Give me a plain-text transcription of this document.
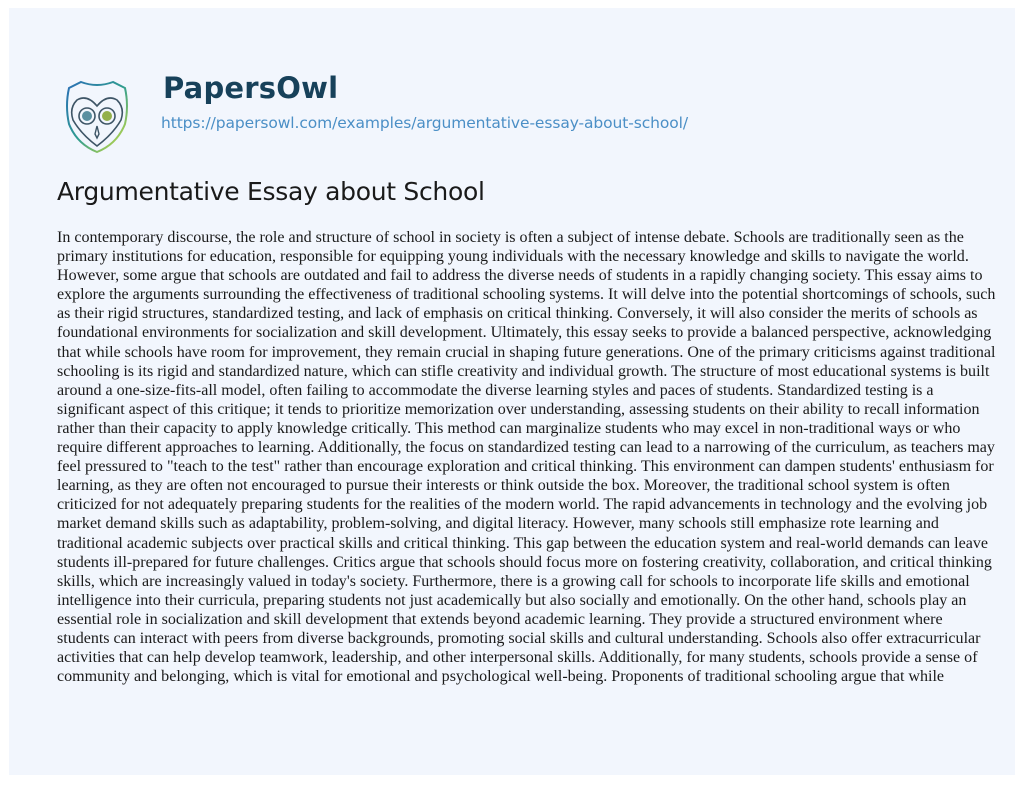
PapersOwl
https://papersowl.com/examples/argumentative-essay-about-school/
Argumentative Essay about School

In contemporary discourse, the role and structure of school in society is often a subject of intense debate. Schools are traditionally seen as the primary institutions for education, responsible for equipping young individuals with the necessary knowledge and skills to navigate the world. However, some argue that schools are outdated and fail to address the diverse needs of students in a rapidly changing society. This essay aims to explore the arguments surrounding the effectiveness of traditional schooling systems. It will delve into the potential shortcomings of schools, such as their rigid structures, standardized testing, and lack of emphasis on critical thinking. Conversely, it will also consider the merits of schools as foundational environments for socialization and skill development. Ultimately, this essay seeks to provide a balanced perspective, acknowledging that while schools have room for improvement, they remain crucial in shaping future generations. One of the primary criticisms against traditional schooling is its rigid and standardized nature, which can stifle creativity and individual growth. The structure of most educational systems is built around a one-size-fits-all model, often failing to accommodate the diverse learning styles and paces of students. Standardized testing is a significant aspect of this critique; it tends to prioritize memorization over understanding, assessing students on their ability to recall information rather than their capacity to apply knowledge critically. This method can marginalize students who may excel in non-traditional ways or who require different approaches to learning. Additionally, the focus on standardized testing can lead to a narrowing of the curriculum, as teachers may feel pressured to "teach to the test" rather than encourage exploration and critical thinking. This environment can dampen students' enthusiasm for learning, as they are often not encouraged to pursue their interests or think outside the box. Moreover, the traditional school system is often criticized for not adequately preparing students for the realities of the modern world. The rapid advancements in technology and the evolving job market demand skills such as adaptability, problem-solving, and digital literacy. However, many schools still emphasize rote learning and traditional academic subjects over practical skills and critical thinking. This gap between the education system and real-world demands can leave students ill-prepared for future challenges. Critics argue that schools should focus more on fostering creativity, collaboration, and critical thinking skills, which are increasingly valued in today's society. Furthermore, there is a growing call for schools to incorporate life skills and emotional intelligence into their curricula, preparing students not just academically but also socially and emotionally. On the other hand, schools play an essential role in socialization and skill development that extends beyond academic learning. They provide a structured environment where students can interact with peers from diverse backgrounds, promoting social skills and cultural understanding. Schools also offer extracurricular activities that can help develop teamwork, leadership, and other interpersonal skills. Additionally, for many students, schools provide a sense of community and belonging, which is vital for emotional and psychological well-being. Proponents of traditional schooling argue that while
